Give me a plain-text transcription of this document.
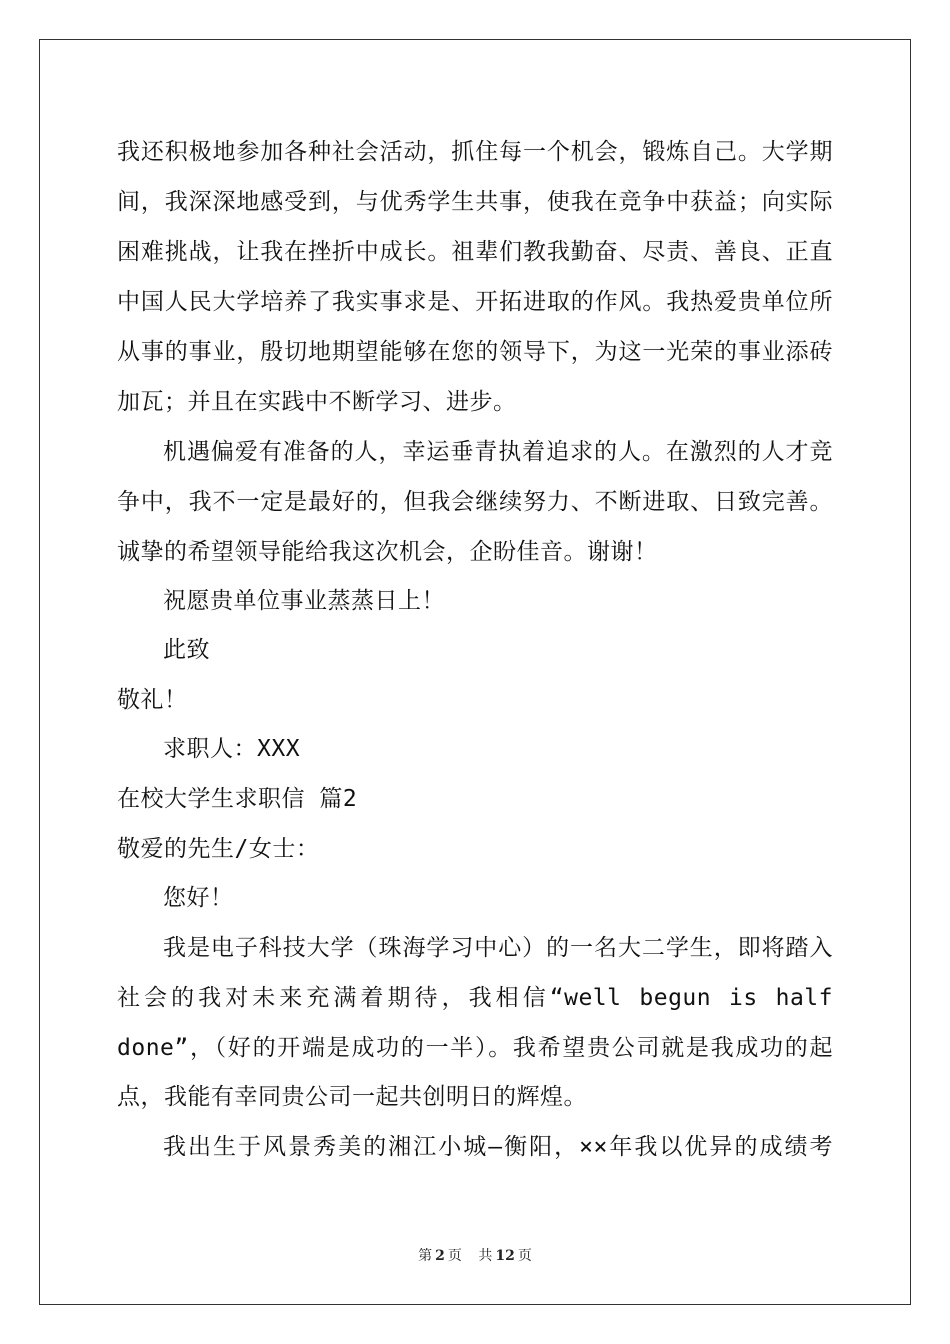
我还积极地参加各种社会活动，抓住每一个机会，锻炼自己。大学期
间，我深深地感受到，与优秀学生共事，使我在竞争中获益；向实际
困难挑战，让我在挫折中成长。祖辈们教我勤奋、尽责、善良、正直
中国人民大学培养了我实事求是、开拓进取的作风。我热爱贵单位所
从事的事业，殷切地期望能够在您的领导下，为这一光荣的事业添砖
加瓦；并且在实践中不断学习、进步。
机遇偏爱有准备的人，幸运垂青执着追求的人。在激烈的人才竞
争中，我不一定是最好的，但我会继续努力、不断进取、日致完善。
诚挚的希望领导能给我这次机会，企盼佳音。谢谢！
祝愿贵单位事业蒸蒸日上！
此致
敬礼！
求职人：XXX
在校大学生求职信 篇2
敬爱的先生/女士：
您好！
我是电子科技大学（珠海学习中心）的一名大二学生，即将踏入
社会的我对未来充满着期待，我相信“well begun is half
done”，（好的开端是成功的一半）。我希望贵公司就是我成功的起
点，我能有幸同贵公司一起共创明日的辉煌。
我出生于风景秀美的湘江小城—衡阳，××年我以优异的成绩考
第 2 页 共 12 页
